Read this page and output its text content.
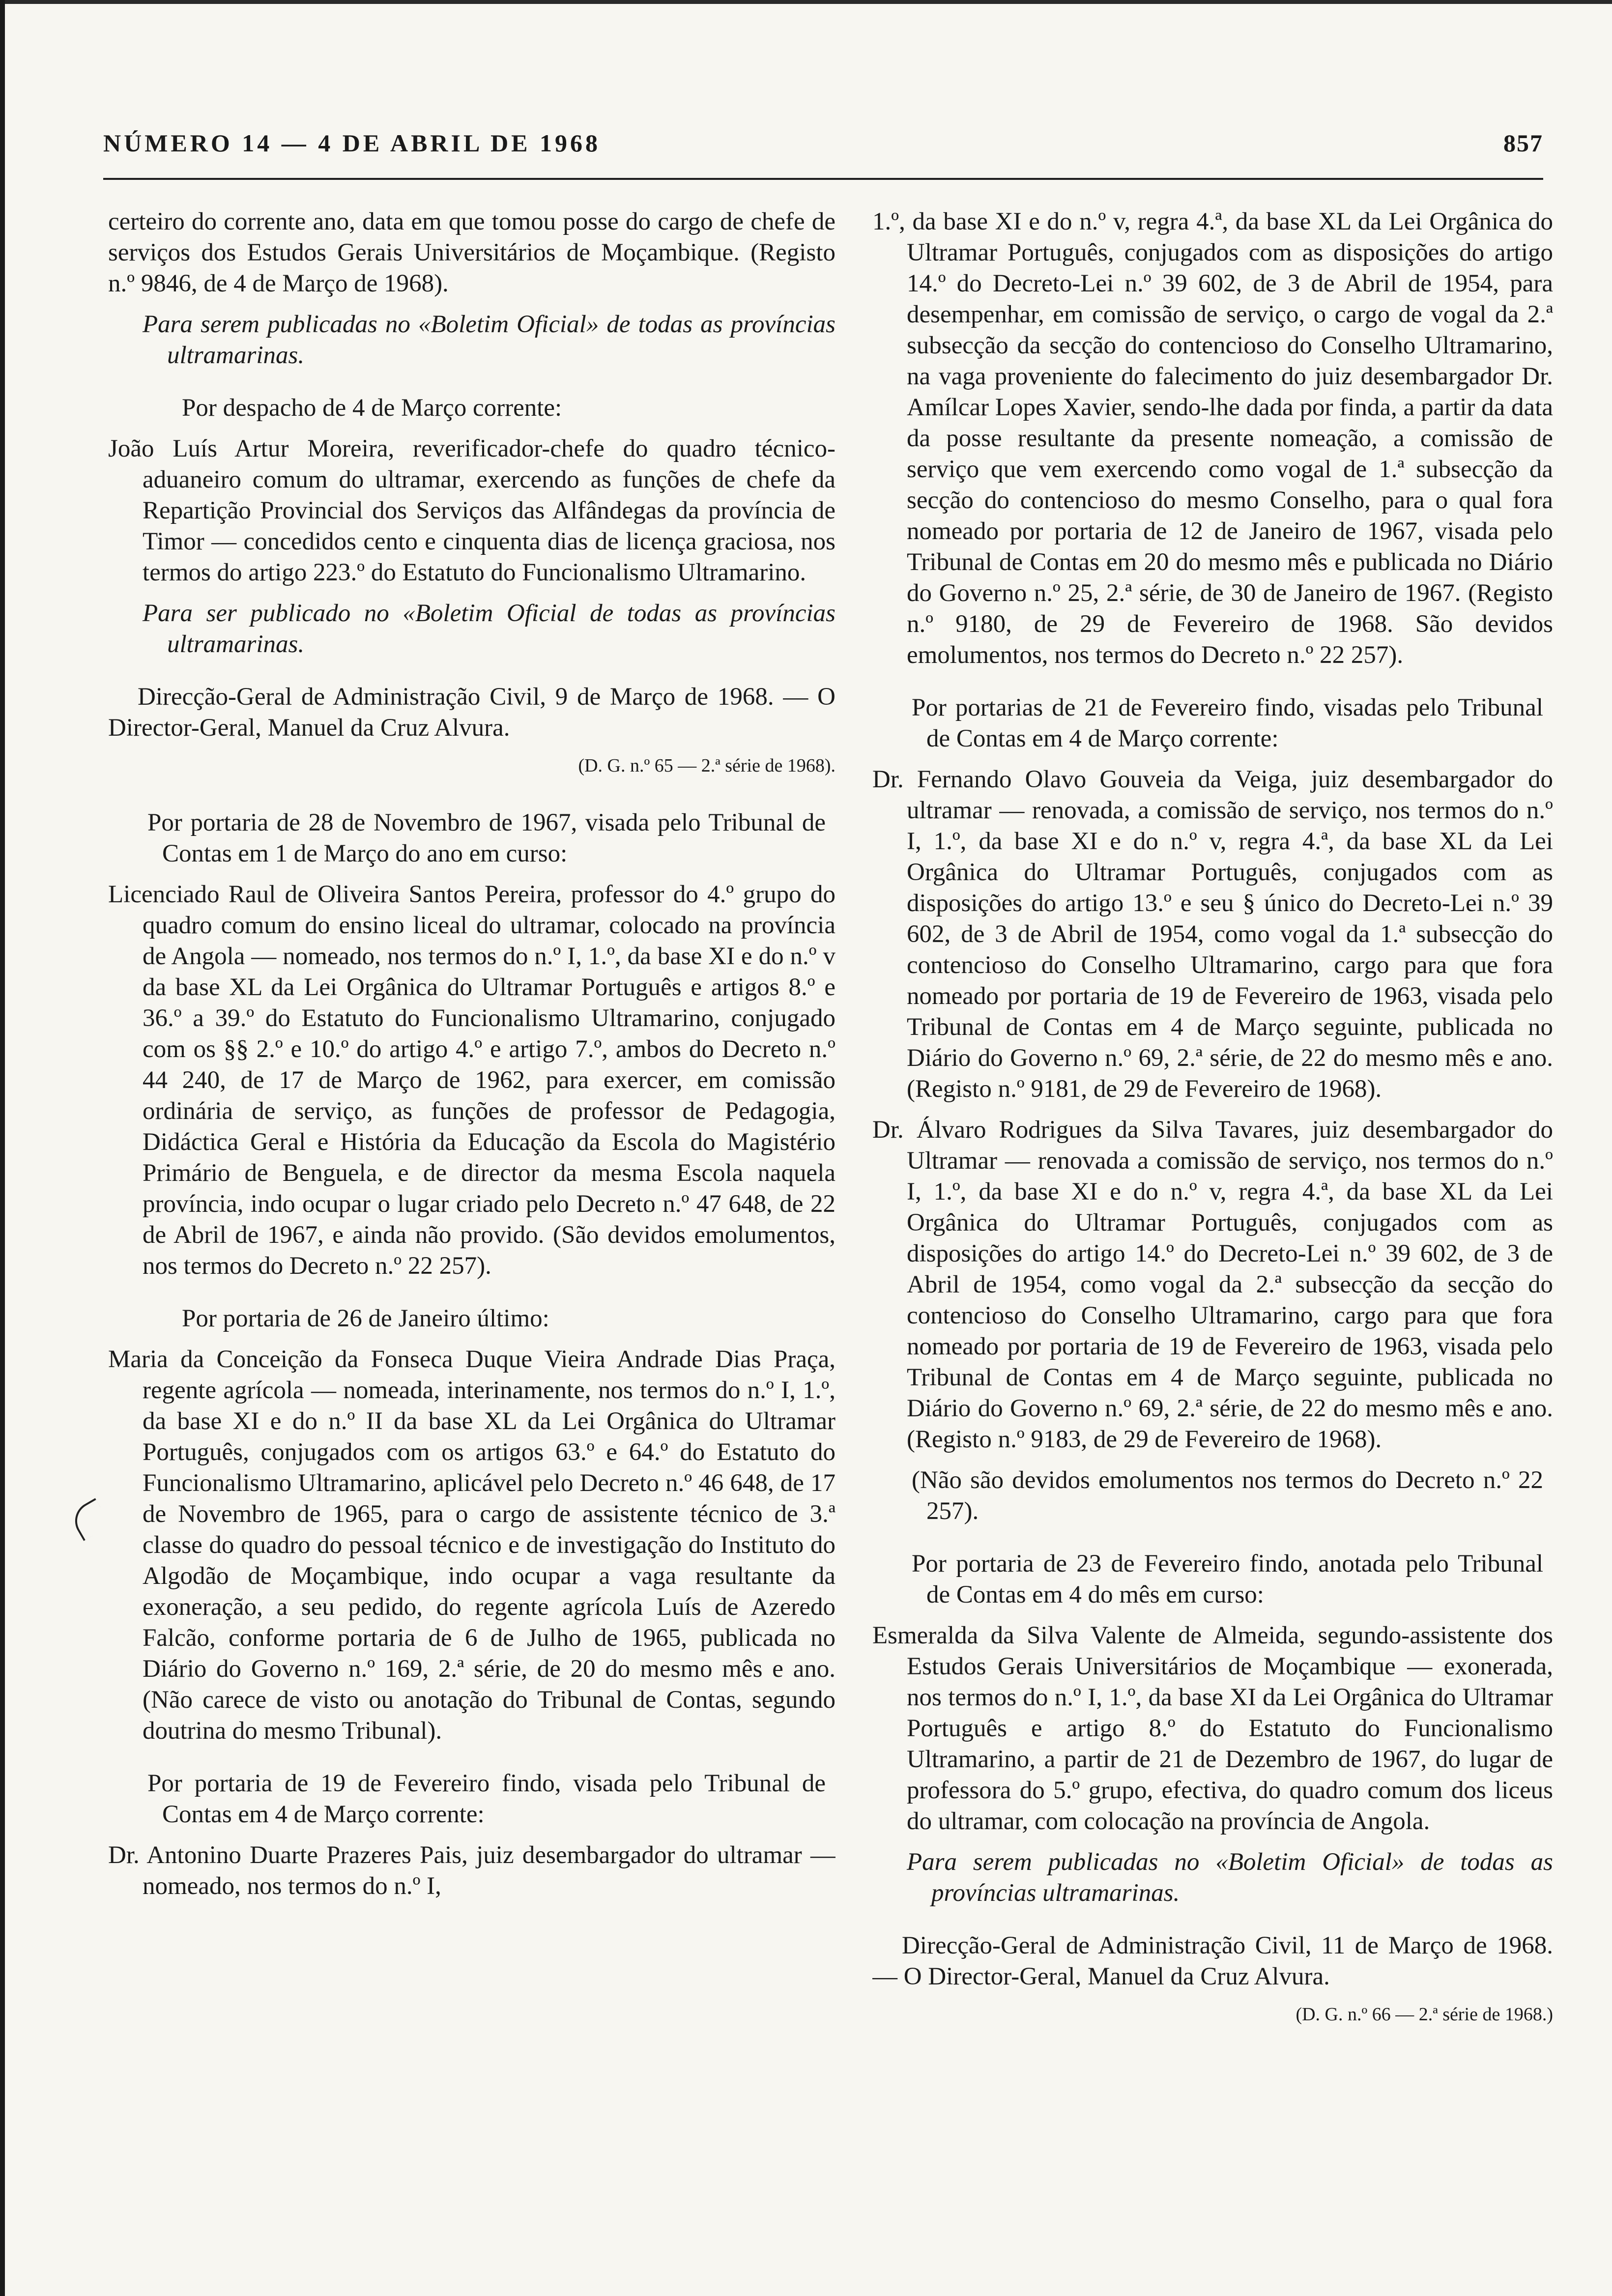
NÚMERO 14 — 4 DE ABRIL DE 1968	857

certeiro do corrente ano, data em que tomou posse do cargo de chefe de serviços dos Estudos Gerais Universitários de Moçambique. (Registo n.º 9846, de 4 de Março de 1968).

Para serem publicadas no «Boletim Oficial» de todas as províncias ultramarinas.

Por despacho de 4 de Março corrente:

João Luís Artur Moreira, reverificador-chefe do quadro técnico-aduaneiro comum do ultramar, exercendo as funções de chefe da Repartição Provincial dos Serviços das Alfândegas da província de Timor — concedidos cento e cinquenta dias de licença graciosa, nos termos do artigo 223.º do Estatuto do Funcionalismo Ultramarino.

Para ser publicado no «Boletim Oficial de todas as províncias ultramarinas.

Direcção-Geral de Administração Civil, 9 de Março de 1968. — O Director-Geral, Manuel da Cruz Alvura.

(D. G. n.º 65 — 2.ª série de 1968).

Por portaria de 28 de Novembro de 1967, visada pelo Tribunal de Contas em 1 de Março do ano em curso:

Licenciado Raul de Oliveira Santos Pereira, professor do 4.º grupo do quadro comum do ensino liceal do ultramar, colocado na província de Angola — nomeado, nos termos do n.º I, 1.º, da base XI e do n.º v da base XL da Lei Orgânica do Ultramar Português e artigos 8.º e 36.º a 39.º do Estatuto do Funcionalismo Ultramarino, conjugado com os §§ 2.º e 10.º do artigo 4.º e artigo 7.º, ambos do Decreto n.º 44 240, de 17 de Março de 1962, para exercer, em comissão ordinária de serviço, as funções de professor de Pedagogia, Didáctica Geral e História da Educação da Escola do Magistério Primário de Benguela, e de director da mesma Escola naquela província, indo ocupar o lugar criado pelo Decreto n.º 47 648, de 22 de Abril de 1967, e ainda não provido. (São devidos emolumentos, nos termos do Decreto n.º 22 257).

Por portaria de 26 de Janeiro último:

Maria da Conceição da Fonseca Duque Vieira Andrade Dias Praça, regente agrícola — nomeada, interinamente, nos termos do n.º I, 1.º, da base XI e do n.º II da base XL da Lei Orgânica do Ultramar Português, conjugados com os artigos 63.º e 64.º do Estatuto do Funcionalismo Ultramarino, aplicável pelo Decreto n.º 46 648, de 17 de Novembro de 1965, para o cargo de assistente técnico de 3.ª classe do quadro do pessoal técnico e de investigação do Instituto do Algodão de Moçambique, indo ocupar a vaga resultante da exoneração, a seu pedido, do regente agrícola Luís de Azeredo Falcão, conforme portaria de 6 de Julho de 1965, publicada no Diário do Governo n.º 169, 2.ª série, de 20 do mesmo mês e ano. (Não carece de visto ou anotação do Tribunal de Contas, segundo doutrina do mesmo Tribunal).

Por portaria de 19 de Fevereiro findo, visada pelo Tribunal de Contas em 4 de Março corrente:

Dr. Antonino Duarte Prazeres Pais, juiz desembargador do ultramar — nomeado, nos termos do n.º I,

1.º, da base XI e do n.º v, regra 4.ª, da base XL da Lei Orgânica do Ultramar Português, conjugados com as disposições do artigo 14.º do Decreto-Lei n.º 39 602, de 3 de Abril de 1954, para desempenhar, em comissão de serviço, o cargo de vogal da 2.ª subsecção da secção do contencioso do Conselho Ultramarino, na vaga proveniente do falecimento do juiz desembargador Dr. Amílcar Lopes Xavier, sendo-lhe dada por finda, a partir da data da posse resultante da presente nomeação, a comissão de serviço que vem exercendo como vogal de 1.ª subsecção da secção do contencioso do mesmo Conselho, para o qual fora nomeado por portaria de 12 de Janeiro de 1967, visada pelo Tribunal de Contas em 20 do mesmo mês e publicada no Diário do Governo n.º 25, 2.ª série, de 30 de Janeiro de 1967. (Registo n.º 9180, de 29 de Fevereiro de 1968. São devidos emolumentos, nos termos do Decreto n.º 22 257).

Por portarias de 21 de Fevereiro findo, visadas pelo Tribunal de Contas em 4 de Março corrente:

Dr. Fernando Olavo Gouveia da Veiga, juiz desembargador do ultramar — renovada, a comissão de serviço, nos termos do n.º I, 1.º, da base XI e do n.º v, regra 4.ª, da base XL da Lei Orgânica do Ultramar Português, conjugados com as disposições do artigo 13.º e seu § único do Decreto-Lei n.º 39 602, de 3 de Abril de 1954, como vogal da 1.ª subsecção do contencioso do Conselho Ultramarino, cargo para que fora nomeado por portaria de 19 de Fevereiro de 1963, visada pelo Tribunal de Contas em 4 de Março seguinte, publicada no Diário do Governo n.º 69, 2.ª série, de 22 do mesmo mês e ano. (Registo n.º 9181, de 29 de Fevereiro de 1968).

Dr. Álvaro Rodrigues da Silva Tavares, juiz desembargador do Ultramar — renovada a comissão de serviço, nos termos do n.º I, 1.º, da base XI e do n.º v, regra 4.ª, da base XL da Lei Orgânica do Ultramar Português, conjugados com as disposições do artigo 14.º do Decreto-Lei n.º 39 602, de 3 de Abril de 1954, como vogal da 2.ª subsecção da secção do contencioso do Conselho Ultramarino, cargo para que fora nomeado por portaria de 19 de Fevereiro de 1963, visada pelo Tribunal de Contas em 4 de Março seguinte, publicada no Diário do Governo n.º 69, 2.ª série, de 22 do mesmo mês e ano. (Registo n.º 9183, de 29 de Fevereiro de 1968).

(Não são devidos emolumentos nos termos do Decreto n.º 22 257).

Por portaria de 23 de Fevereiro findo, anotada pelo Tribunal de Contas em 4 do mês em curso:

Esmeralda da Silva Valente de Almeida, segundo-assistente dos Estudos Gerais Universitários de Moçambique — exonerada, nos termos do n.º I, 1.º, da base XI da Lei Orgânica do Ultramar Português e artigo 8.º do Estatuto do Funcionalismo Ultramarino, a partir de 21 de Dezembro de 1967, do lugar de professora do 5.º grupo, efectiva, do quadro comum dos liceus do ultramar, com colocação na província de Angola.

Para serem publicadas no «Boletim Oficial» de todas as províncias ultramarinas.

Direcção-Geral de Administração Civil, 11 de Março de 1968. — O Director-Geral, Manuel da Cruz Alvura.

(D. G. n.º 66 — 2.ª série de 1968.)
